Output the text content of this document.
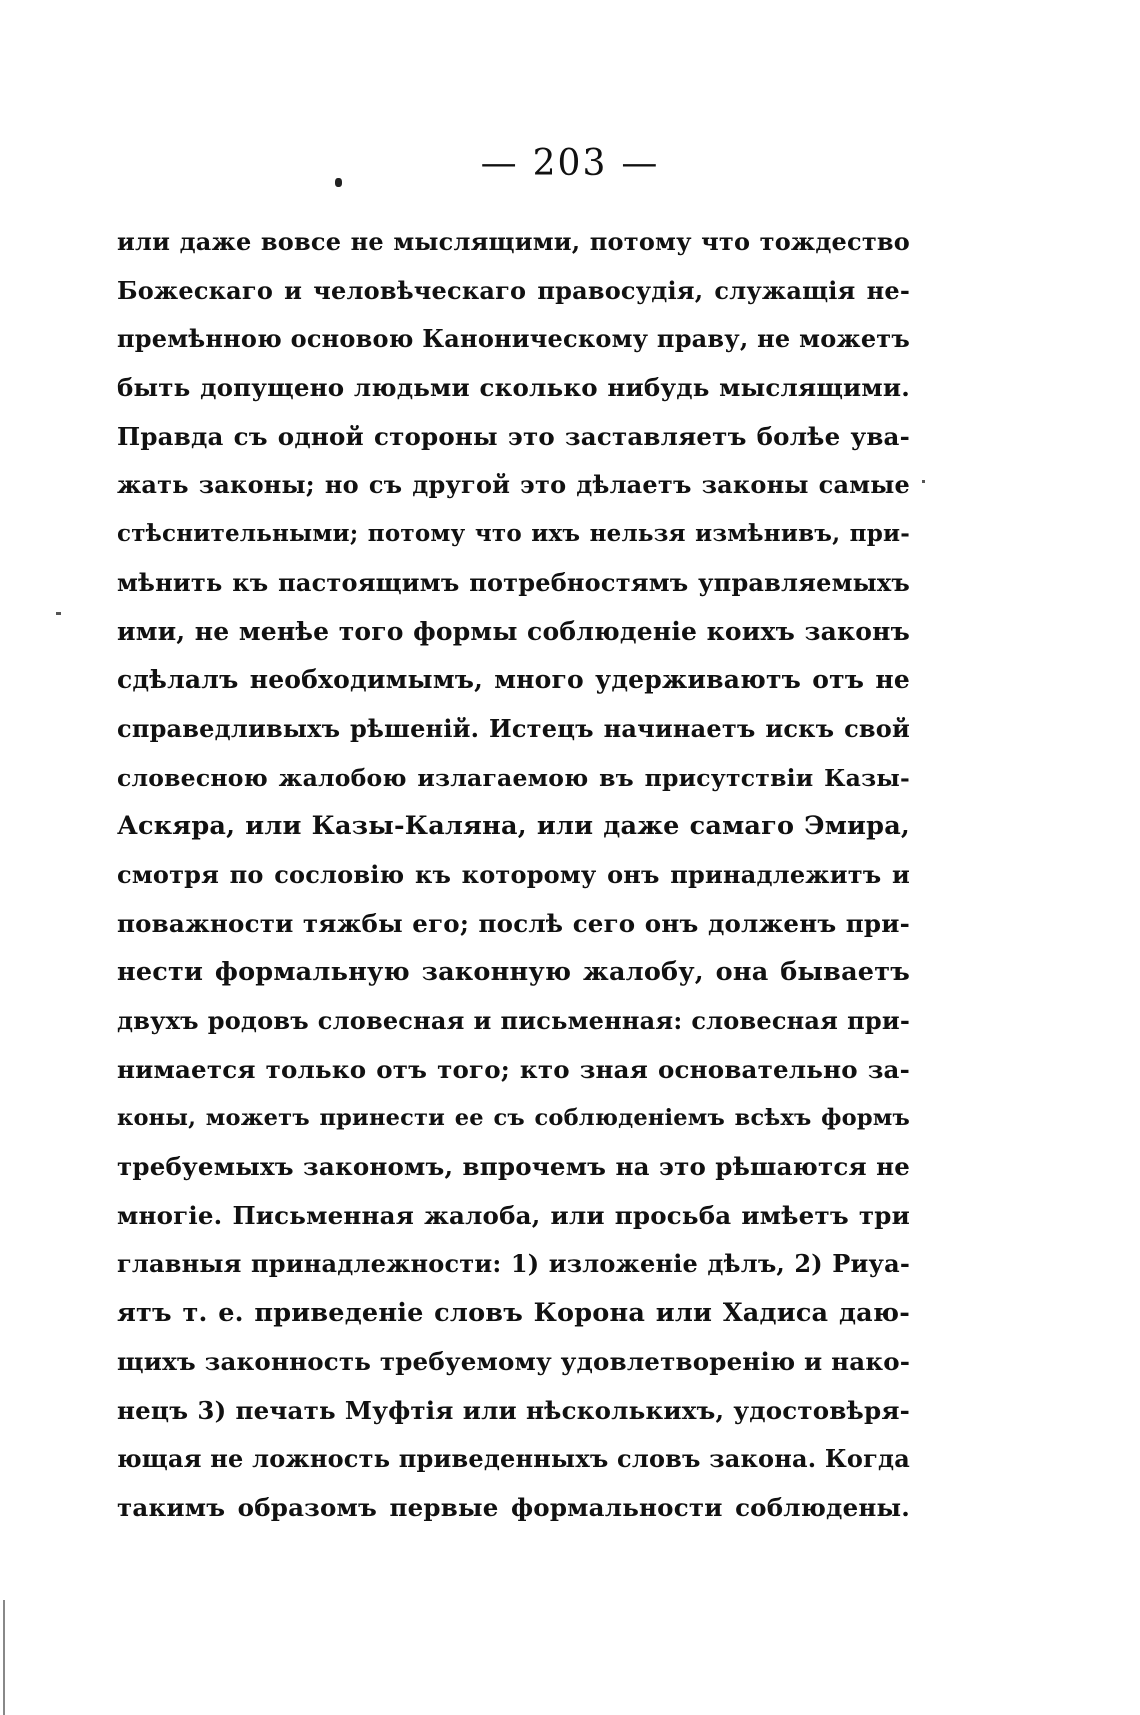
— 203 —
или даже вовсе не мыслящими, потому что тождество
Божескаго и человѣческаго правосудія, служащія не-
премѣнною основою Каноническому праву, не можетъ
быть допущено людьми сколько нибудь мыслящими.
Правда съ одной стороны это заставляетъ болѣе ува-
жать законы; но съ другой это дѣлаетъ законы самые
стѣснительными; потому что ихъ нельзя измѣнивъ, при-
мѣнить къ пастоящимъ потребностямъ управляемыхъ
ими, не менѣе того формы соблюденіе коихъ законъ
сдѣлалъ необходимымъ, много удерживаютъ отъ не
справедливыхъ рѣшеній. Истецъ начинаетъ искъ свой
словесною жалобою излагаемою въ присутствіи Казы-
Аскяра, или Казы-Каляна, или даже самаго Эмира,
смотря по сословію къ которому онъ принадлежитъ и
поважности тяжбы его; послѣ сего онъ долженъ при-
нести формальную законную жалобу, она бываетъ
двухъ родовъ словесная и письменная: словесная при-
нимается только отъ того; кто зная основательно за-
коны, можетъ принести ее съ соблюденіемъ всѣхъ формъ
требуемыхъ закономъ, впрочемъ на это рѣшаются не
многіе. Письменная жалоба, или просьба имѣетъ три
главныя принадлежности: 1) изложеніе дѣлъ, 2) Риуа-
ятъ т. е. приведеніе словъ Корона или Хадиса даю-
щихъ законность требуемому удовлетворенію и нако-
нецъ 3) печать Муфтія или нѣсколькихъ, удостовѣря-
ющая не ложность приведенныхъ словъ закона. Когда
такимъ образомъ первые формальности соблюдены.
